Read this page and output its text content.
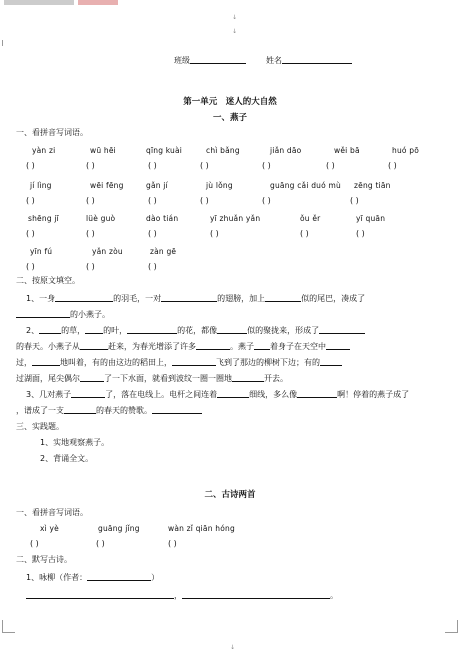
↓
↓
班级	姓名
第一单元　迷人的大自然
一、燕子
一、看拼音写词语。
yàn zi
( )
wū hēi
( )
qīng kuài
( )
chì bǎng
( )
jiǎn dāo
( )
wěi bā
( )
huó pō
( )
jí lìng
( )
wēi fēng
( )
gǎn jí
( )
jù lǒng
( )
guāng cǎi duó mù
( )
zēng tiān
( )
shēng jī
( )
lüè guò
( )
dào tián
( )
yī zhuǎn yǎn
( )
ǒu ěr
( )
yī quān
( )
yīn fú
( )
yǎn zòu
( )
zàn gē
( )
二、按原文填空。
1、一身	的羽毛，一对	的翅膀，加上	似的尾巴，凑成了
的小燕子。
2、	的草， 的叶，	的花，都像	似的聚拢来，形成了
的春天。小燕子从	赶来，为春光增添了许多	。燕子 着身子在天空中
过，	地叫着，有的由这边的稻田上，	飞到了那边的柳树下边；有的
过湖面，尾尖偶尔	了一下水面，就看到波纹一圈一圈地	开去。
3、几对燕子	了，落在电线上。电杆之间连着	细线，多么像	啊！停着的燕子成了
，谱成了一支	的春天的赞歌。
三、实践题。
1、实地观察燕子。
2、背诵全文。
二、古诗两首
一、看拼音写词语。
xì yè
( )
guāng jǐng
( )
wàn zǐ qiān hóng
( )
二、默写古诗。
1、咏柳（作者：	）
，	。
↓
